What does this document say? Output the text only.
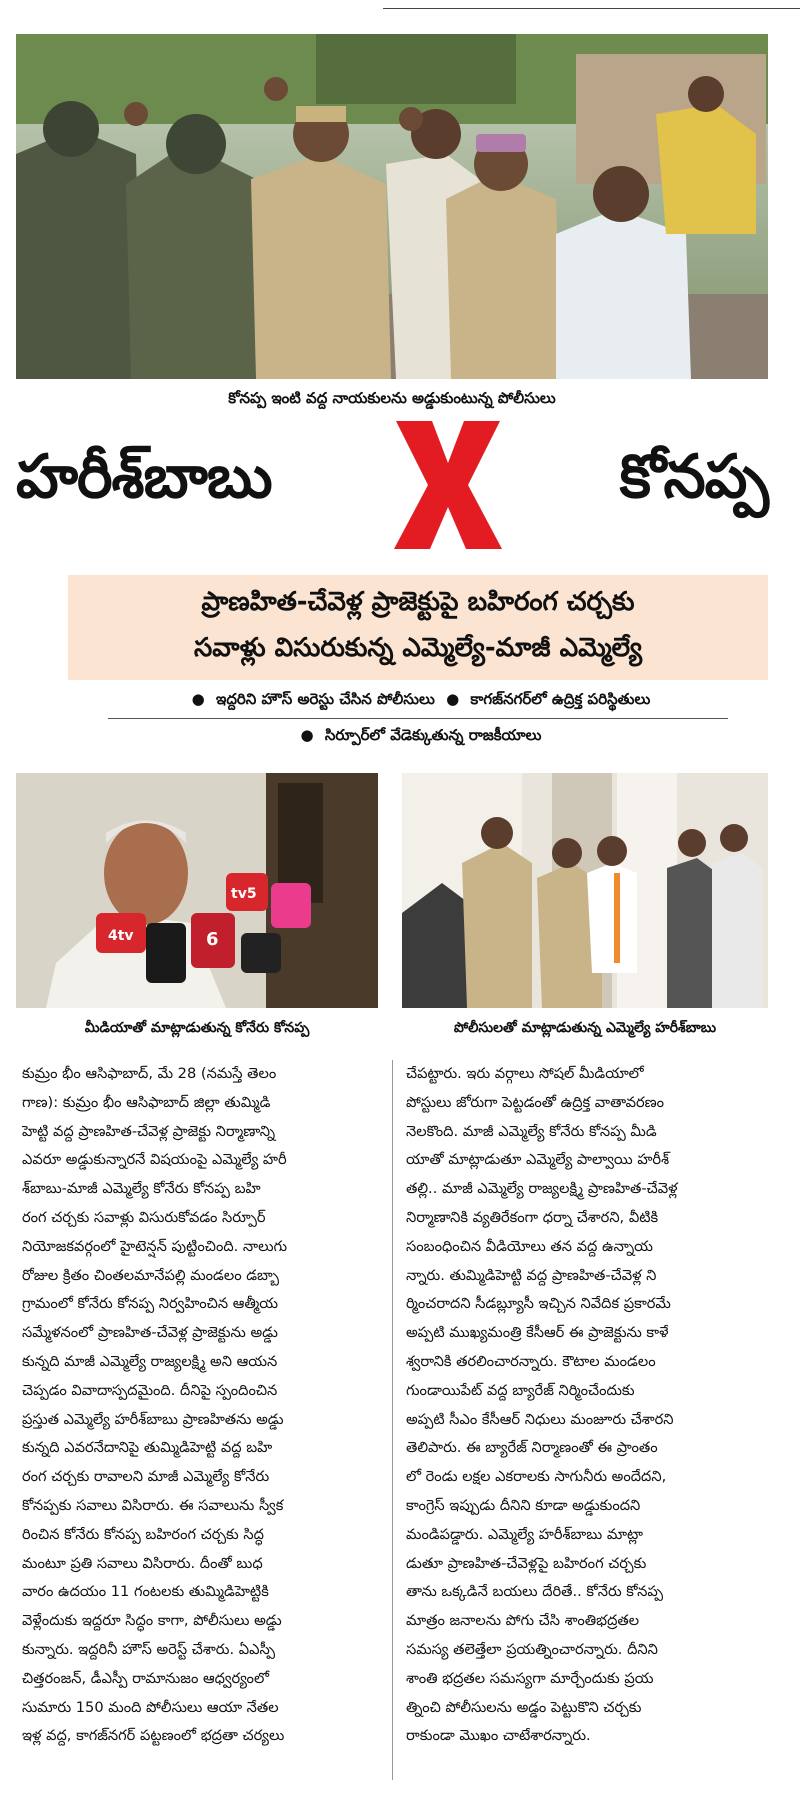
కోనప్ప ఇంటి వద్ద నాయకులను అడ్డుకుంటున్న పోలీసులు
హరీశ్‌బాబు	కోనప్ప
ప్రాణహిత-చేవెళ్ల ప్రాజెక్టుపై బహిరంగ చర్చకు
సవాళ్లు విసురుకున్న ఎమ్మెల్యే-మాజీ ఎమ్మెల్యే
● ఇద్దరిని హౌస్ అరెస్టు చేసిన పోలీసులు ● కాగజ్‌నగర్‌లో ఉద్రిక్త పరిస్థితులు
● సిర్పూర్‌లో వేడెక్కుతున్న రాజకీయాలు
4tv
tv5
6
మీడియాతో మాట్లాడుతున్న కోనేరు కోనప్ప	పోలీసులతో మాట్లాడుతున్న ఎమ్మెల్యే హరీశ్‌బాబు
కుమ్రం భీం ఆసిఫాబాద్, మే 28 (నమస్తే తెలం
గాణ): కుమ్రం భీం ఆసిఫాబాద్ జిల్లా తుమ్మిడి
హెట్టి వద్ద ప్రాణహిత-చేవెళ్ల ప్రాజెక్టు నిర్మాణాన్ని
ఎవరూ అడ్డుకున్నారనే విషయంపై ఎమ్మెల్యే హరీ
శ్‌బాబు-మాజీ ఎమ్మెల్యే కోనేరు కోనప్ప బహి
రంగ చర్చకు సవాళ్లు విసురుకోవడం సిర్పూర్
నియోజకవర్గంలో హైటెన్షన్ పుట్టించింది. నాలుగు
రోజుల క్రితం చింతలమానేపల్లి మండలం డబ్బా
గ్రామంలో కోనేరు కోనప్ప నిర్వహించిన ఆత్మీయ
సమ్మేళనంలో ప్రాణహిత-చేవెళ్ల ప్రాజెక్టును అడ్డు
కున్నది మాజీ ఎమ్మెల్యే రాజ్యలక్ష్మి అని ఆయన
చెప్పడం వివాదాస్పదమైంది. దీనిపై స్పందించిన
ప్రస్తుత ఎమ్మెల్యే హరీశ్‌బాబు ప్రాణహితను అడ్డు
కున్నది ఎవరనేదానిపై తుమ్మిడిహెట్టి వద్ద బహి
రంగ చర్చకు రావాలని మాజీ ఎమ్మెల్యే కోనేరు
కోనప్పకు సవాలు విసిరారు. ఈ సవాలును స్వీక
రించిన కోనేరు కోనప్ప బహిరంగ చర్చకు సిద్ధ
మంటూ ప్రతి సవాలు విసిరారు. దీంతో బుధ
వారం ఉదయం 11 గంటలకు తుమ్మిడిహెట్టికి
వెళ్లేందుకు ఇద్దరూ సిద్ధం కాగా, పోలీసులు అడ్డు
కున్నారు. ఇద్దరినీ హౌస్ అరెస్ట్ చేశారు. ఏఎస్పీ
చిత్తరంజన్, డీఎస్పీ రామానుజం ఆధ్వర్యంలో
సుమారు 150 మంది పోలీసులు ఆయా నేతల
ఇళ్ల వద్ద, కాగజ్‌నగర్ పట్టణంలో భద్రతా చర్యలు
చేపట్టారు. ఇరు వర్గాలు సోషల్ మీడియాలో
పోస్టులు జోరుగా పెట్టడంతో ఉద్రిక్త వాతావరణం
నెలకొంది. మాజీ ఎమ్మెల్యే కోనేరు కోనప్ప మీడి
యాతో మాట్లాడుతూ ఎమ్మెల్యే పాల్వాయి హరీశ్
తల్లి.. మాజీ ఎమ్మెల్యే రాజ్యలక్ష్మి ప్రాణహిత-చేవెళ్ల
నిర్మాణానికి వ్యతిరేకంగా ధర్నా చేశారని, వీటికి
సంబంధించిన వీడియోలు తన వద్ద ఉన్నాయ
న్నారు. తుమ్మిడిహెట్టి వద్ద ప్రాణహిత-చేవెళ్ల ని
ర్మించరాదని సీడబ్ల్యూసీ ఇచ్చిన నివేదిక ప్రకారమే
అప్పటి ముఖ్యమంత్రి కేసీఆర్ ఈ ప్రాజెక్టును కాళే
శ్వరానికి తరలించారన్నారు. కౌటాల మండలం
గుండాయిపేట్ వద్ద బ్యారేజ్ నిర్మించేందుకు
అప్పటి సీఎం కేసీఆర్ నిధులు మంజూరు చేశారని
తెలిపారు. ఈ బ్యారేజ్ నిర్మాణంతో ఈ ప్రాంతం
లో రెండు లక్షల ఎకరాలకు సాగునీరు అందేదని,
కాంగ్రెస్ ఇప్పుడు దీనిని కూడా అడ్డుకుందని
మండిపడ్డారు. ఎమ్మెల్యే హరీశ్‌బాబు మాట్లా
డుతూ ప్రాణహిత-చేవెళ్లపై బహిరంగ చర్చకు
తాను ఒక్కడినే బయలు దేరితే.. కోనేరు కోనప్ప
మాత్రం జనాలను పోగు చేసి శాంతిభద్రతల
సమస్య తలెత్తేలా ప్రయత్నించారన్నారు. దీనిని
శాంతి భద్రతల సమస్యగా మార్చేందుకు ప్రయ
త్నించి పోలీసులను అడ్డం పెట్టుకొని చర్చకు
రాకుండా మొఖం చాటేశారన్నారు.
